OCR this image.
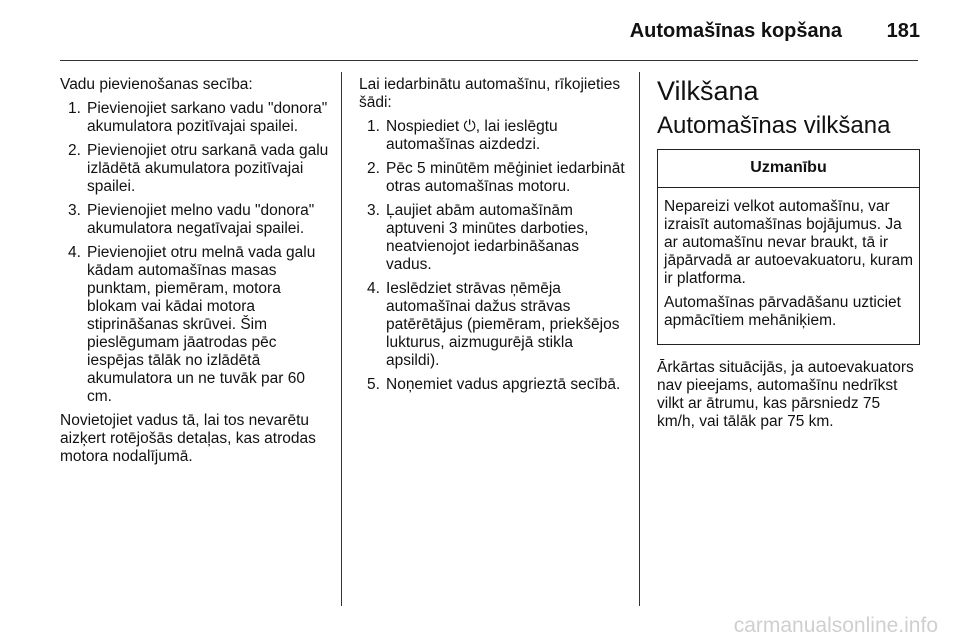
Automašīnas kopšana 181

Vadu pievienošanas secība:

1. Pievienojiet sarkano vadu "donora" akumulatora pozitīvajai spailei.
2. Pievienojiet otru sarkanā vada galu izlādētā akumulatora pozitīvajai spailei.
3. Pievienojiet melno vadu "donora" akumulatora negatīvajai spailei.
4. Pievienojiet otru melnā vada galu kādam automašīnas masas punktam, piemēram, motora blokam vai kādai motora stiprināšanas skrūvei. Šim pieslēgumam jāatrodas pēc iespējas tālāk no izlādētā akumulatora un ne tuvāk par 60 cm.

Novietojiet vadus tā, lai tos nevarētu aizķert rotējošās detaļas, kas atrodas motora nodalījumā.

Lai iedarbinātu automašīnu, rīkojieties šādi:

1. Nospiediet ⏻, lai ieslēgtu automašīnas aizdedzi.
2. Pēc 5 minūtēm mēģiniet iedarbināt otras automašīnas motoru.
3. Ļaujiet abām automašīnām aptuveni 3 minūtes darboties, neatvienojot iedarbināšanas vadus.
4. Ieslēdziet strāvas ņēmēja automašīnai dažus strāvas patērētājus (piemēram, priekšējos lukturus, aizmugurējā stikla apsildi).
5. Noņemiet vadus apgrieztā secībā.
Vilkšana
Automašīnas vilkšana
Uzmanību

Nepareizi velkot automašīnu, var izraisīt automašīnas bojājumus. Ja ar automašīnu nevar braukt, tā ir jāpārvadā ar autoevakuatoru, kuram ir platforma.

Automašīnas pārvadāšanu uzticiet apmācītiem mehāniķiem.

Ārkārtas situācijās, ja autoevakuators nav pieejams, automašīnu nedrīkst vilkt ar ātrumu, kas pārsniedz 75 km/h, vai tālāk par 75 km.

carmanualsonline.info
